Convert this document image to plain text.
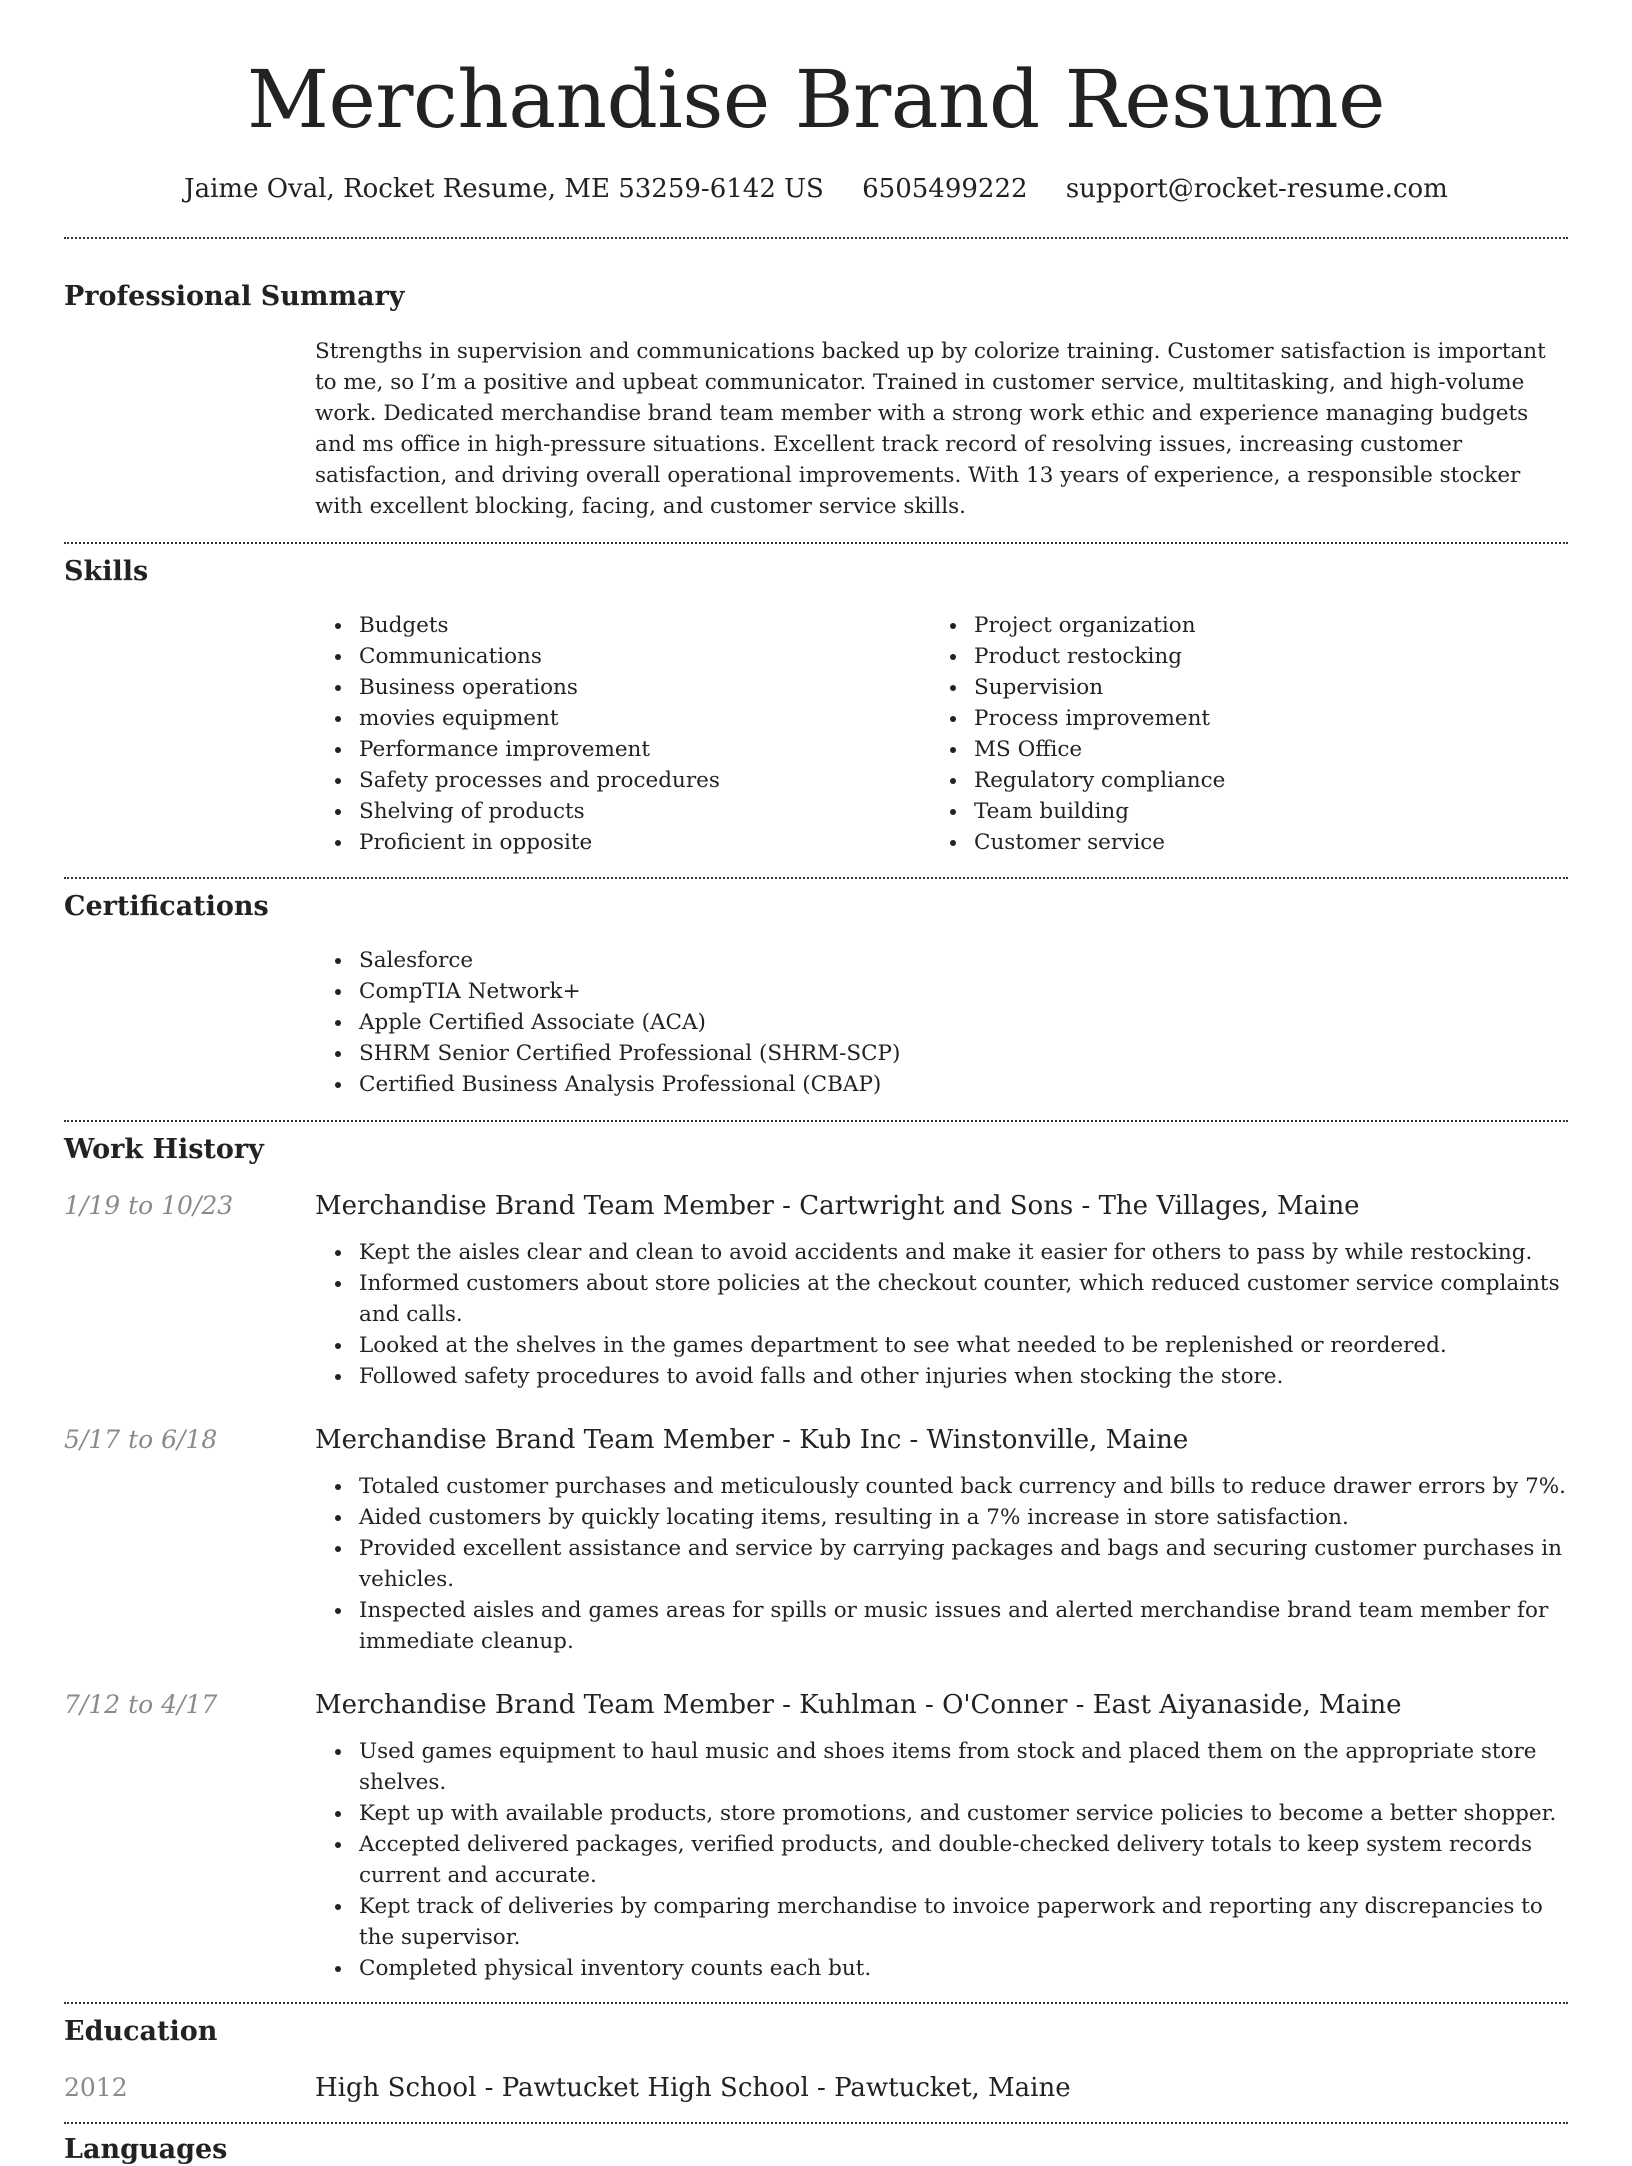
Merchandise Brand Resume
Jaime Oval, Rocket Resume, ME 53259-6142 US 6505499222 support@rocket-resume.com
Professional Summary

Strengths in supervision and communications backed up by colorize training. Customer satisfaction is important to me, so I’m a positive and upbeat communicator. Trained in customer service, multitasking, and high-volume work. Dedicated merchandise brand team member with a strong work ethic and experience managing budgets and ms office in high-pressure situations. Excellent track record of resolving issues, increasing customer satisfaction, and driving overall operational improvements. With 13 years of experience, a responsible stocker with excellent blocking, facing, and customer service skills.

Skills
Budgets
Communications
Business operations
movies equipment
Performance improvement
Safety processes and procedures
Shelving of products
Proficient in opposite
Project organization
Product restocking
Supervision
Process improvement
MS Office
Regulatory compliance
Team building
Customer service
Certifications
Salesforce
CompTIA Network+
Apple Certified Associate (ACA)
SHRM Senior Certified Professional (SHRM-SCP)
Certified Business Analysis Professional (CBAP)
Work History
1/19 to 10/23	Merchandise Brand Team Member - Cartwright and Sons - The Villages, Maine
Kept the aisles clear and clean to avoid accidents and make it easier for others to pass by while restocking.
Informed customers about store policies at the checkout counter, which reduced customer service complaints and calls.
Looked at the shelves in the games department to see what needed to be replenished or reordered.
Followed safety procedures to avoid falls and other injuries when stocking the store.
5/17 to 6/18	Merchandise Brand Team Member - Kub Inc - Winstonville, Maine
Totaled customer purchases and meticulously counted back currency and bills to reduce drawer errors by 7%.
Aided customers by quickly locating items, resulting in a 7% increase in store satisfaction.
Provided excellent assistance and service by carrying packages and bags and securing customer purchases in vehicles.
Inspected aisles and games areas for spills or music issues and alerted merchandise brand team member for immediate cleanup.
7/12 to 4/17	Merchandise Brand Team Member - Kuhlman - O'Conner - East Aiyanaside, Maine
Used games equipment to haul music and shoes items from stock and placed them on the appropriate store shelves.
Kept up with available products, store promotions, and customer service policies to become a better shopper.
Accepted delivered packages, verified products, and double-checked delivery totals to keep system records current and accurate.
Kept track of deliveries by comparing merchandise to invoice paperwork and reporting any discrepancies to the supervisor.
Completed physical inventory counts each but.
Education
2012	High School - Pawtucket High School - Pawtucket, Maine
Languages
